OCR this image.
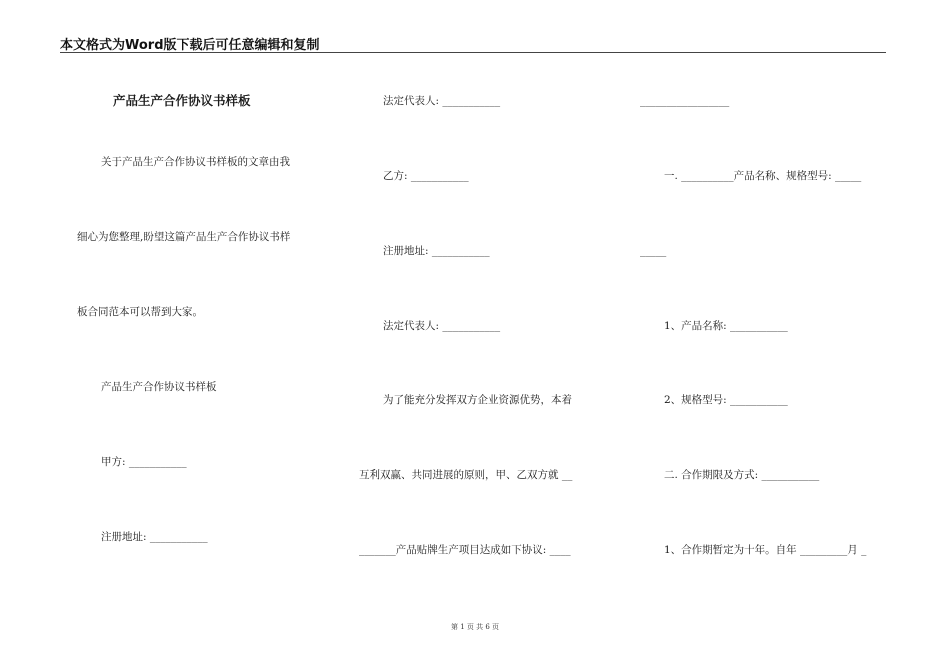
本文格式为Word版下载后可任意编辑和复制
产品生产合作协议书样板
关于产品生产合作协议书样板的文章由我
细心为您整理,盼望这篇产品生产合作协议书样
板合同范本可以帮到大家。
产品生产合作协议书样板
甲方: ___________
注册地址: ___________
法定代表人: ___________
乙方: ___________
注册地址: ___________
法定代表人: ___________
为了能充分发挥双方企业资源优势，本着
互利双赢、共同进展的原则，甲、乙双方就 __
_______产品贴牌生产项目达成如下协议: ____
_________________
一. __________产品名称、规格型号: _____
_____
1、产品名称: ___________
2、规格型号: ___________
二. 合作期限及方式: ___________
1、合作期暂定为十年。自年 _________月 _
第 1 页 共 6 页
